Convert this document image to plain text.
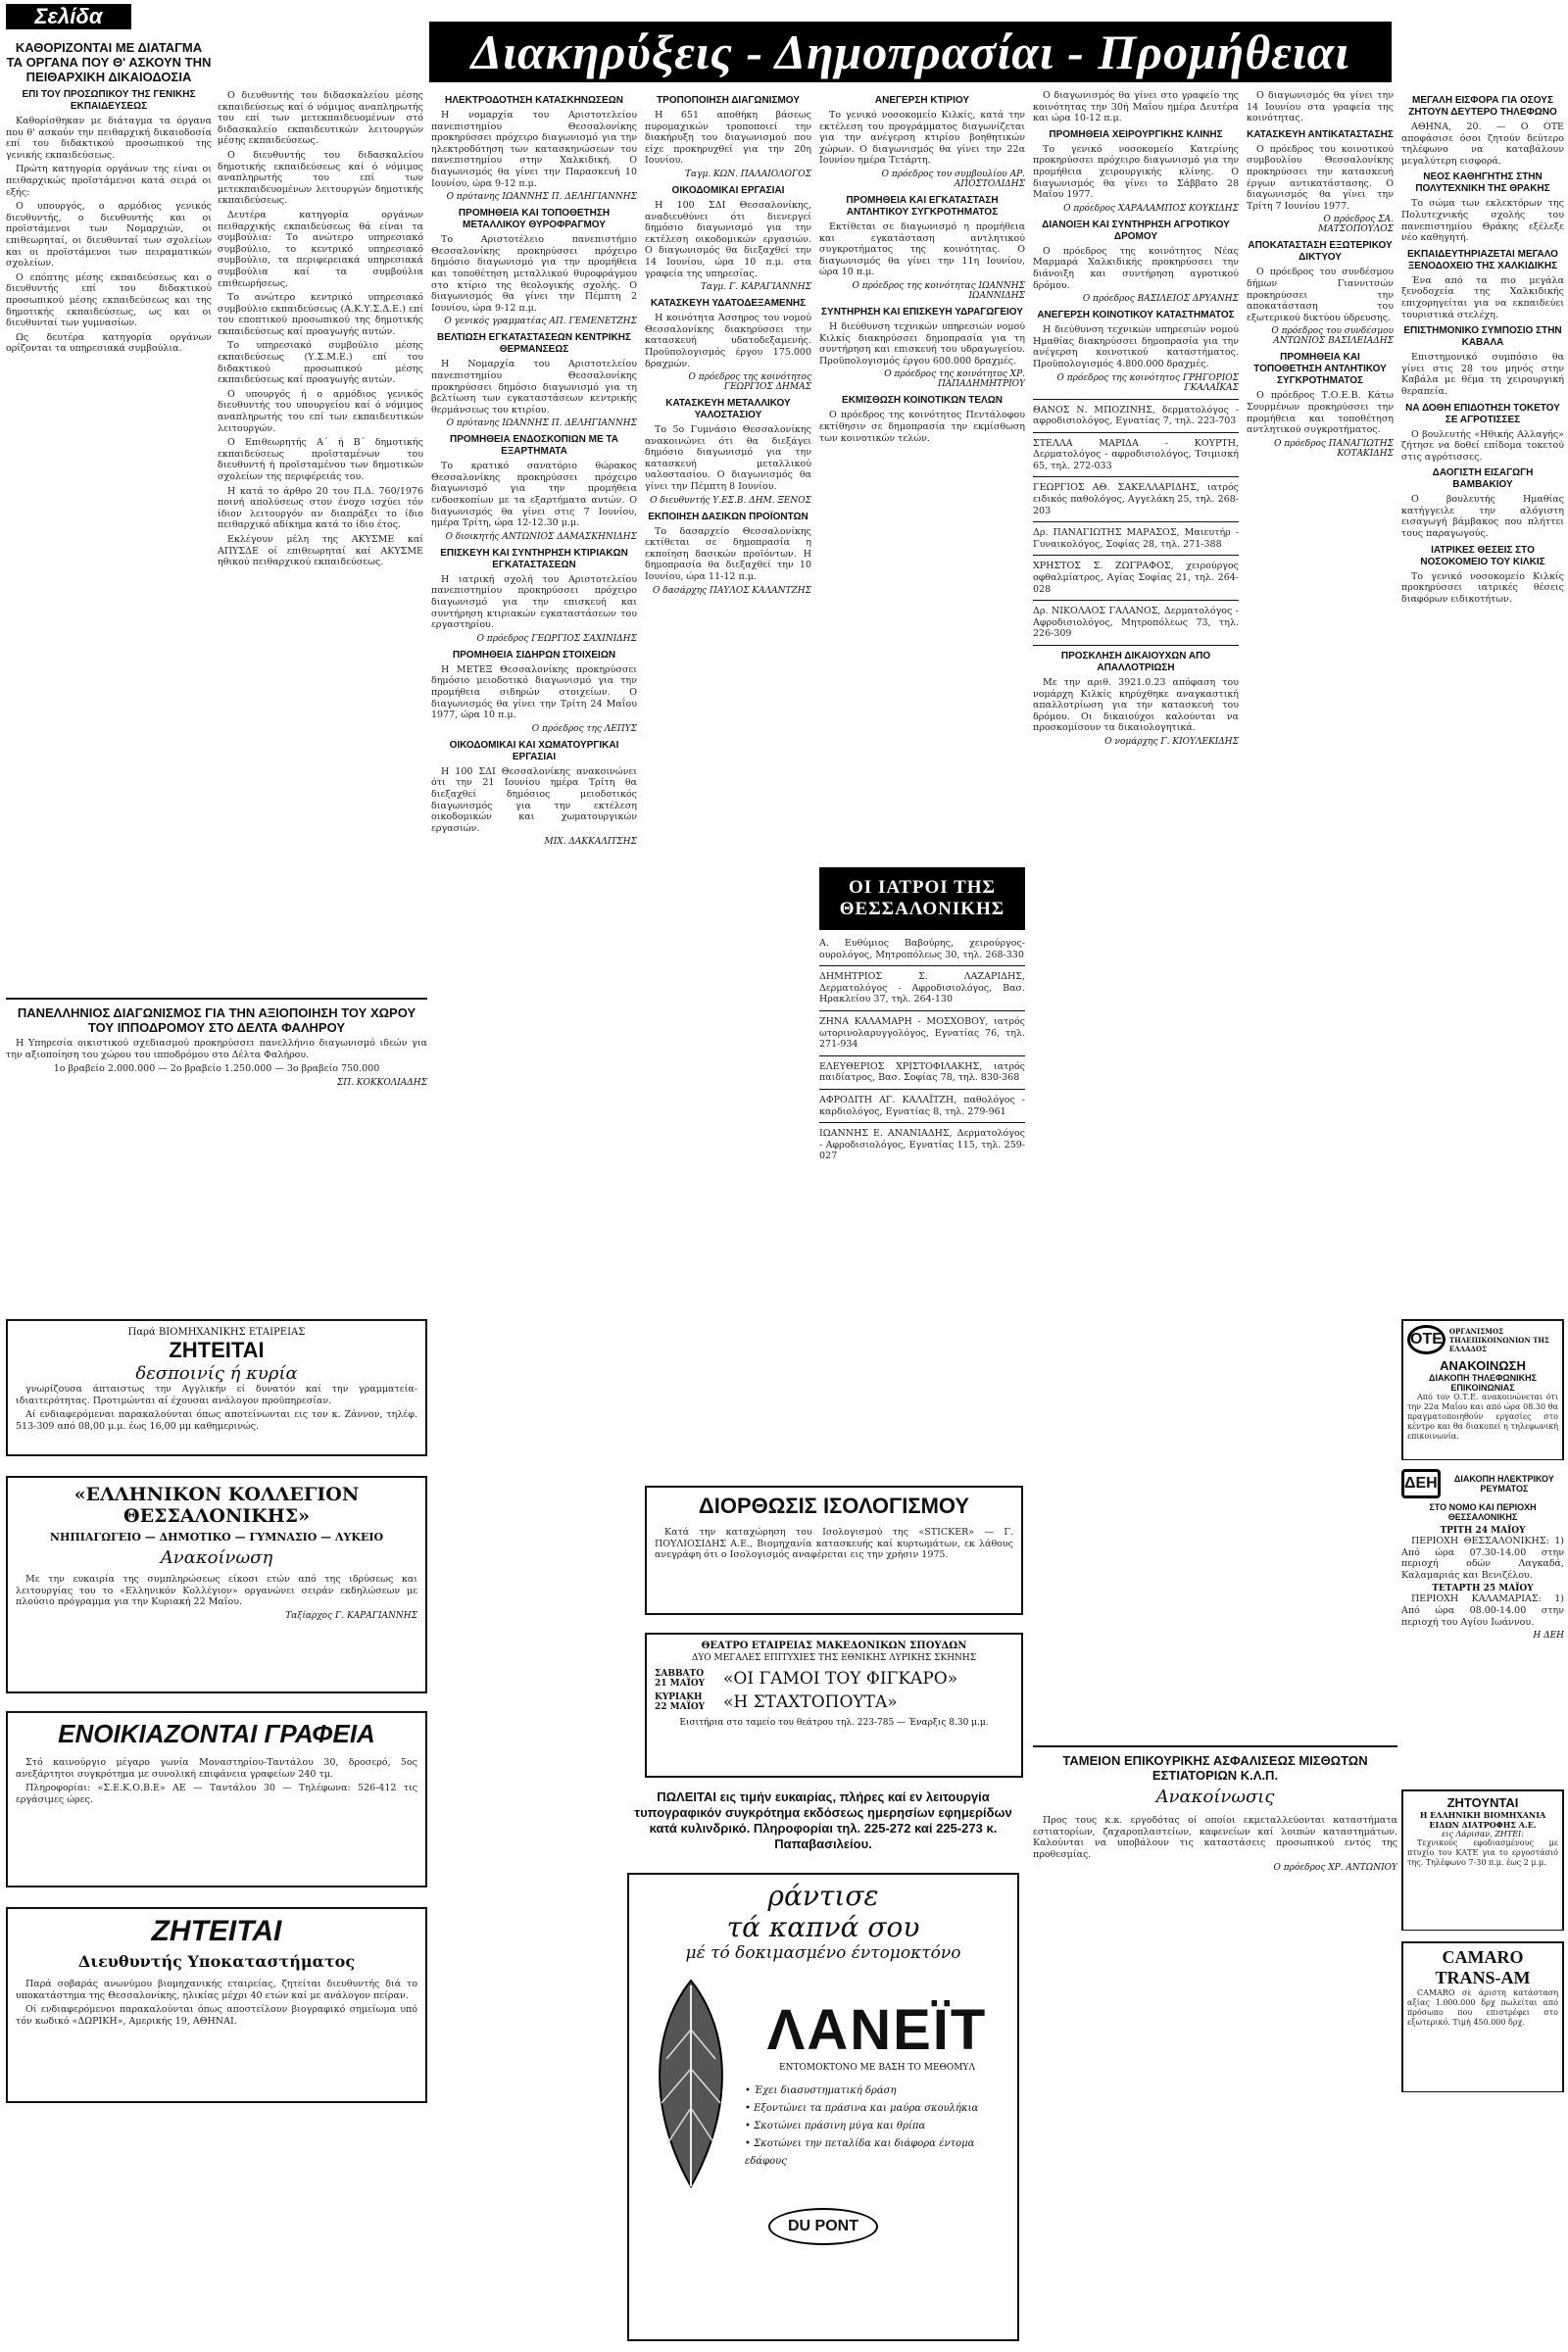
Σελίδα
Διακηρύξεις - Δημοπρασίαι - Προμήθειαι
ΚΑΘΟΡΙΖΟΝΤΑΙ ΜΕ ΔΙΑΤΑΓΜΑ ΤΑ ΟΡΓΑΝΑ ΠΟΥ Θ' ΑΣΚΟΥΝ ΤΗΝ ΠΕΙΘΑΡΧΙΚΗ ΔΙΚΑΙΟΔΟΣΙΑ
ΕΠΙ ΤΟΥ ΠΡΟΣΩΠΙΚΟΥ ΤΗΣ ΓΕΝΙΚΗΣ ΕΚΠΑΙΔΕΥΣΕΩΣ

Καθορίσθηκαν με διάταγμα τα όργανα που θ' ασκούν την πειθαρχική δικαιοδοσία επί του διδακτικού προσωπικού της γενικής εκπαιδεύσεως.

Πρώτη κατηγορία οργάνων της είναι οι πειθαρχικώς προϊστάμενοι κατά σειρά οι εξής:

Ο υπουργός, ο αρμόδιος γενικός διευθυντής, ο διευθυντής και οι προϊστάμενοι των Νομαρχιών, οι επιθεωρηταί, οι διευθυνταί των σχολείων και οι προϊστάμενοι των πειραματικών σχολείων.

Ο επόπτης μέσης εκπαιδεύσεως και ο διευθυντής επί του διδακτικού προσωπικού μέσης εκπαιδεύσεως και της δημοτικής εκπαιδεύσεως, ως και οι διευθυνταί των γυμνασίων.

Ως δευτέρα κατηγορία οργάνων ορίζονται τα υπηρεσιακά συμβούλια.

ΠΑΝΕΛΛΗΝΙΟΣ ΔΙΑΓΩΝΙΣΜΟΣ ΓΙΑ ΤΗΝ ΑΞΙΟΠΟΙΗΣΗ ΤΟΥ ΧΩΡΟΥ ΤΟΥ ΙΠΠΟΔΡΟΜΟΥ ΣΤΟ ΔΕΛΤΑ ΦΑΛΗΡΟΥ

Η Υπηρεσία οικιστικού σχεδιασμού προκηρύσσει πανελλήνιο διαγωνισμό ιδεών για την αξιοποίηση του χώρου του ιπποδρόμου στο Δέλτα Φαλήρου.

1ο βραβείο 2.000.000 — 2ο βραβείο 1.250.000 — 3ο βραβείο 750.000

ΣΠ. ΚΟΚΚΟΛΙΑΔΗΣ
Παρά ΒΙΟΜΗΧΑΝΙΚΗΣ ΕΤΑΙΡΕΙΑΣ
ΖΗΤΕΙΤΑΙ
δεσποινίς ή κυρία

γνωρίζουσα άπταιστως την Αγγλικήν εί δυνατόν καί την γραμματεία-ιδιαιτερότητας. Προτιμώνται αί έχουσαι ανάλογον προϋπηρεσίαν.

Αί ενδιαφερόμεναι παρακαλούνται όπως αποτείνωνται εις τον κ. Ζάννον, τηλέφ. 513-309 από 08,00 μ.μ. έως 16,00 μμ καθημερινώς.

«ΕΛΛΗΝΙΚΟΝ ΚΟΛΛΕΓΙΟΝ ΘΕΣΣΑΛΟΝΙΚΗΣ»
ΝΗΠΙΑΓΩΓΕΙΟ — ΔΗΜΟΤΙΚΟ — ΓΥΜΝΑΣΙΟ — ΛΥΚΕΙΟ
Ανακοίνωση

Με την ευκαιρία της συμπληρώσεως είκοσι ετών από της ιδρύσεως και λειτουργίας του το «Ελληνικόν Κολλέγιον» οργανώνει σειράν εκδηλώσεων με πλούσιο πρόγραμμα για την Κυριακή 22 Μαΐου.

Ταξίαρχος Γ. ΚΑΡΑΓΙΑΝΝΗΣ
ΕΝΟΙΚΙΑΖΟΝΤΑΙ ΓΡΑΦΕΙΑ

Στό καινούργιο μέγαρο γωνία Μοναστηρίου-Ταντάλου 30, δροσερό, 5ος ανεξάρτητοι συγκρότημα με συνολική επιφάνεια γραφείων 240 τμ.

Πληροφορίαι: «Σ.Ε.Κ.Ο.Β.Ε» ΑΕ — Ταντάλου 30 — Τηλέφωνα: 526-412 τις εργάσιμες ώρες.

ΖΗΤΕΙΤΑΙ
Διευθυντής Υποκαταστήματος

Παρά σοβαράς ανωνύμου βιομηχανικής εταιρείας, ζητείται διευθυντής διά το υποκατάστημα της Θεσσαλονίκης, ηλικίας μέχρι 40 ετών καί με ανάλογον πείραν.

Οί ενδιαφερόμενοι παρακαλούνται όπως αποστείλουν βιογραφικό σημείωμα υπό τόν κωδικό «ΔΩΡΙΚΗ», Αμερικής 19, ΑΘΗΝΑΙ.

Ο διευθυντής του διδασκαλείου μέσης εκπαιδεύσεως καί ό νόμιμος αναπληρωτής του επί των μετεκπαιδευομένων στό διδασκαλείο εκπαιδευτικών λειτουργών μέσης εκπαιδεύσεως.

Ο διευθυντής του διδασκαλείου δημοτικής εκπαιδεύσεως καί ό νόμιμος αναπληρωτής του επί των μετεκπαιδευομένων λειτουργών δημοτικής εκπαιδεύσεως.

Δευτέρα κατηγορία οργάνων πειθαρχικής εκπαιδεύσεως θά είναι τα συμβούλια: Το ανώτερο υπηρεσιακό συμβούλιο, το κεντρικό υπηρεσιακό συμβούλιο, τα περιφερειακά υπηρεσιακά συμβούλια καί τα συμβούλια επιθεωρήσεως.

Το ανώτερο κεντρικό υπηρεσιακό συμβούλιο εκπαιδεύσεως (Α.Κ.Υ.Σ.Δ.Ε.) επί του εποπτικού προσωπικού της δημοτικής εκπαιδεύσεως καί προαγωγής αυτών.

Το υπηρεσιακό συμβούλιο μέσης εκπαιδεύσεως (Υ.Σ.Μ.Ε.) επί του διδακτικού προσωπικού μέσης εκπαιδεύσεως καί προαγωγής αυτών.

Ο υπουργός ή ο αρμόδιος γενικός διευθυντής του υπουργείου καί ό νόμιμος αναπληρωτής του επί των εκπαιδευτικών λειτουργών.

Ο Επιθεωρητής Α΄ ή Β΄ δημοτικής εκπαιδεύσεως προϊσταμένων του διευθυντή ή προϊσταμένου των δημοτικών σχολείων της περιφέρειάς του.

Η κατά το άρθρο 20 του Π.Δ. 760/1976 ποινή απολύσεως στον ένοχο ισχύει τόν ίδιον λειτουργόν αν διαπράξει το ίδιο πειθαρχικό αδίκημα κατά το ίδιο έτος.

Εκλέγουν μέλη της ΑΚΥΣΜΕ καί ΑΠΥΣΔΕ οί επιθεωρηταί καί ΑΚΥΣΜΕ ηθικού πειθαρχικού εκπαιδεύσεως.

ΗΛΕΚΤΡΟΔΟΤΗΣΗ ΚΑΤΑΣΚΗΝΩΣΕΩΝ

Η νομαρχία του Αριστοτελείου πανεπιστημίου Θεσσαλονίκης προκηρύσσει πρόχειρο διαγωνισμό για την ηλεκτροδότηση των κατασκηνώσεων του πανεπιστημίου στην Χαλκιδική. Ο διαγωνισμός θα γίνει την Παρασκευή 10 Ιουνίου, ώρα 9-12 π.μ.

Ο πρύτανης ΙΩΑΝΝΗΣ Π. ΔΕΛΗΓΙΑΝΝΗΣ
ΠΡΟΜΗΘΕΙΑ ΚΑΙ ΤΟΠΟΘΕΤΗΣΗ ΜΕΤΑΛΛΙΚΟΥ ΘΥΡΟΦΡΑΓΜΟΥ

Το Αριστοτέλειο πανεπιστήμιο Θεσσαλονίκης προκηρύσσει πρόχειρο δημόσιο διαγωνισμό για την προμήθεια και τοποθέτηση μεταλλικού θυροφράγμου στο κτίριο της θεολογικής σχολής. Ο διαγωνισμός θα γίνει την Πέμπτη 2 Ιουνίου, ώρα 9-12 π.μ.

Ο γενικός γραμματέας ΑΠ. ΓΕΜΕΝΕΤΖΗΣ
ΒΕΛΤΙΩΣΗ ΕΓΚΑΤΑΣΤΑΣΕΩΝ ΚΕΝΤΡΙΚΗΣ ΘΕΡΜΑΝΣΕΩΣ

Η Νομαρχία του Αριστοτελείου πανεπιστημίου Θεσσαλονίκης προκηρύσσει δημόσιο διαγωνισμό για τη βελτίωση των εγκαταστάσεων κεντρικής θερμάνσεως του κτιρίου.

Ο πρύτανης ΙΩΑΝΝΗΣ Π. ΔΕΛΗΓΙΑΝΝΗΣ
ΠΡΟΜΗΘΕΙΑ ΕΝΔΟΣΚΟΠΙΩΝ ΜΕ ΤΑ ΕΞΑΡΤΗΜΑΤΑ

Το κρατικό σανατόριο θώρακος Θεσσαλονίκης προκηρύσσει πρόχειρο διαγωνισμό για την προμήθεια ενδοσκοπίων με τα εξαρτήματα αυτών. Ο διαγωνισμός θα γίνει στις 7 Ιουνίου, ημέρα Τρίτη, ώρα 12-12.30 μ.μ.

Ο διοικητής ΑΝΤΩΝΙΟΣ ΔΑΜΑΣΚΗΝΙΔΗΣ
ΕΠΙΣΚΕΥΗ ΚΑΙ ΣΥΝΤΗΡΗΣΗ ΚΤΙΡΙΑΚΩΝ ΕΓΚΑΤΑΣΤΑΣΕΩΝ

Η ιατρική σχολή του Αριστοτελείου πανεπιστημίου προκηρύσσει πρόχειρο διαγωνισμό για την επισκευή και συντήρηση κτιριακών εγκαταστάσεων του εργαστηρίου.

Ο πρόεδρος ΓΕΩΡΓΙΟΣ ΣΑΧΙΝΙΔΗΣ
ΠΡΟΜΗΘΕΙΑ ΣΙΔΗΡΩΝ ΣΤΟΙΧΕΙΩΝ

Η ΜΕΤΕΞ Θεσσαλονίκης προκηρύσσει δημόσιο μειοδοτικό διαγωνισμό για την προμήθεια σιδηρών στοιχείων. Ο διαγωνισμός θα γίνει την Τρίτη 24 Μαΐου 1977, ώρα 10 π.μ.

Ο πρόεδρος της ΛΕΠΥΣ
ΟΙΚΟΔΟΜΙΚΑΙ ΚΑΙ ΧΩΜΑΤΟΥΡΓΙΚΑΙ ΕΡΓΑΣΙΑΙ

Η 100 ΣΔΙ Θεσσαλονίκης ανακοινώνει ότι την 21 Ιουνίου ημέρα Τρίτη θα διεξαχθεί δημόσιος μειοδοτικός διαγωνισμός για την εκτέλεση οικοδομικών και χωματουργικών εργασιών.

ΜΙΧ. ΔΑΚΚΑΛΙΤΣΗΣ
ΤΡΟΠΟΠΟΙΗΣΗ ΔΙΑΓΩΝΙΣΜΟΥ

Η 651 αποθήκη βάσεως πυρομαχικών τροποποιεί την διακήρυξη του διαγωνισμού που είχε προκηρυχθεί για την 20η Ιουνίου.

Ταγμ. ΚΩΝ. ΠΑΛΑΙΟΛΟΓΟΣ
ΟΙΚΟΔΟΜΙΚΑΙ ΕΡΓΑΣΙΑΙ

Η 100 ΣΔΙ Θεσσαλονίκης, αναδιευθύνει ότι διενεργεί δημόσιο διαγωνισμό για την εκτέλεση οικοδομικών εργασιών. Ο διαγωνισμός θα διεξαχθεί την 14 Ιουνίου, ώρα 10 π.μ. στα γραφεία της υπηρεσίας.

Ταγμ. Γ. ΚΑΡΑΓΙΑΝΝΗΣ
ΚΑΤΑΣΚΕΥΗ ΥΔΑΤΟΔΕΞΑΜΕΝΗΣ

Η κοινότητα Άσσηρος του νομού Θεσσαλονίκης διακηρύσσει την κατασκευή υδατοδεξαμενής. Προϋπολογισμός έργου 175.000 δραχμών.

Ο πρόεδρος της κοινότητος ΓΕΩΡΓΙΟΣ ΔΗΜΑΣ
ΚΑΤΑΣΚΕΥΗ ΜΕΤΑΛΛΙΚΟΥ ΥΑΛΟΣΤΑΣΙΟΥ

Το 5ο Γυμνάσιο Θεσσαλονίκης ανακοινώνει ότι θα διεξάγει δημόσιο διαγωνισμό για την κατασκευή μεταλλικού υαλοστασίου. Ο διαγωνισμός θα γίνει την Πέμπτη 8 Ιουνίου.

Ο διευθυντής Υ.ΕΣ.Β. ΔΗΜ. ΞΕΝΟΣ
ΕΚΠΟΙΗΣΗ ΔΑΣΙΚΩΝ ΠΡΟΪΟΝΤΩΝ

Το δασαρχείο Θεσσαλονίκης εκτίθεται σε δημοπρασία η εκποίηση δασικών προϊόντων. Η δημοπρασία θα διεξαχθεί την 10 Ιουνίου, ώρα 11-12 π.μ.

Ο δασάρχης ΠΑΥΛΟΣ ΚΑΛΑΝΤΖΗΣ
ΑΝΕΓΕΡΣΗ ΚΤΙΡΙΟΥ

Το γενικό νοσοκομείο Κιλκίς, κατά την εκτέλεση του προγράμματος διαγωνίζεται για την ανέγερση κτιρίου βοηθητικών χώρων. Ο διαγωνισμός θα γίνει την 22α Ιουνίου ημέρα Τετάρτη.

Ο πρόεδρος του συμβουλίου ΑΡ. ΑΠΟΣΤΟΛΙΔΗΣ
ΠΡΟΜΗΘΕΙΑ ΚΑΙ ΕΓΚΑΤΑΣΤΑΣΗ ΑΝΤΛΗΤΙΚΟΥ ΣΥΓΚΡΟΤΗΜΑΤΟΣ

Εκτίθεται σε διαγωνισμό η προμήθεια και εγκατάσταση αντλητικού συγκροτήματος της κοινότητας. Ο διαγωνισμός θα γίνει την 11η Ιουνίου, ώρα 10 π.μ.

Ο πρόεδρος της κοινότητας ΙΩΑΝΝΗΣ ΙΩΑΝΝΙΔΗΣ
ΣΥΝΤΗΡΗΣΗ ΚΑΙ ΕΠΙΣΚΕΥΗ ΥΔΡΑΓΩΓΕΙΟΥ

Η διεύθυνση τεχνικών υπηρεσιών νομού Κιλκίς διακηρύσσει δημοπρασία για τη συντήρηση και επισκευή του υδραγωγείου. Προϋπολογισμός έργου 600.000 δραχμές.

Ο πρόεδρος της κοινότητος ΧΡ. ΠΑΠΑΔΗΜΗΤΡΙΟΥ
ΕΚΜΙΣΘΩΣΗ ΚΟΙΝΟΤΙΚΩΝ ΤΕΛΩΝ

Ο πρόεδρος της κοινότητος Πεντάλοφου εκτίθησιν σε δημοπρασία την εκμίσθωση των κοινοτικών τελών.

ΟΙ ΙΑΤΡΟΙ ΤΗΣ ΘΕΣΣΑΛΟΝΙΚΗΣ

Α. Ευθύμιος Βαβούρης, χειρούργος-ουρολόγος, Μητροπόλεως 30, τηλ. 268-330

ΔΗΜΗΤΡΙΟΣ Σ. ΛΑΖΑΡΙΔΗΣ, Δερματολόγος - Αφροδισιολόγος, Βασ. Ηρακλείου 37, τηλ. 264-130

ΖΗΝΑ ΚΑΛΑΜΑΡΗ - ΜΟΣΧΟΒΟΥ, ιατρός ωτορινολαρυγγολόγος, Εγνατίας 76, τηλ. 271-934

ΕΛΕΥΘΕΡΙΟΣ ΧΡΙΣΤΟΦΙΛΑΚΗΣ, ιατρός παιδίατρος, Βασ. Σοφίας 78, τηλ. 830-368

ΑΦΡΟΔΙΤΗ ΑΓ. ΚΑΛΑΪΤΖΗ, παθολόγος - καρδιολόγος, Εγνατίας 8, τηλ. 279-961

ΙΩΑΝΝΗΣ Ε. ΑΝΑΝΙΑΔΗΣ, Δερματολόγος - Αφροδισιολόγος, Εγνατίας 115, τηλ. 259-027

Ο διαγωνισμός θα γίνει στο γραφείο της κοινότητας την 30ή Μαΐου ημέρα Δευτέρα και ώρα 10-12 π.μ.

ΠΡΟΜΗΘΕΙΑ ΧΕΙΡΟΥΡΓΙΚΗΣ ΚΛΙΝΗΣ

Το γενικό νοσοκομείο Κατερίνης προκηρύσσει πρόχειρο διαγωνισμό για την προμήθεια χειρουργικής κλίνης. Ο διαγωνισμός θα γίνει το Σάββατο 28 Μαΐου 1977.

Ο πρόεδρος ΧΑΡΑΛΑΜΠΟΣ ΚΟΥΚΙΔΗΣ
ΔΙΑΝΟΙΞΗ ΚΑΙ ΣΥΝΤΗΡΗΣΗ ΑΓΡΟΤΙΚΟΥ ΔΡΟΜΟΥ

Ο πρόεδρος της κοινότητος Νέας Μαρμαρά Χαλκιδικής προκηρύσσει την διάνοιξη και συντήρηση αγροτικού δρόμου.

Ο πρόεδρος ΒΑΣΙΛΕΙΟΣ ΔΡΥΑΝΗΣ
ΑΝΕΓΕΡΣΗ ΚΟΙΝΟΤΙΚΟΥ ΚΑΤΑΣΤΗΜΑΤΟΣ

Η διεύθυνση τεχνικών υπηρεσιών νομού Ημαθίας διακηρύσσει δημοπρασία για την ανέγερση κοινοτικού καταστήματος. Προϋπολογισμός 4.800.000 δραχμές.

Ο πρόεδρος της κοινότητος ΓΡΗΓΟΡΙΟΣ ΓΚΑΛΑΪΚΑΣ

ΘΑΝΟΣ Ν. ΜΠΟΖΙΝΗΣ, δερματολόγος - αφροδισιολόγος, Εγνατίας 7, τηλ. 223-703

ΣΤΕΛΛΑ ΜΑΡΙΔΑ - ΚΟΥΡΤΗ, Δερματολόγος - αφροδισιολόγος, Τσιμισκή 65, τηλ. 272-033

ΓΕΩΡΓΙΟΣ ΑΘ. ΣΑΚΕΛΛΑΡΙΔΗΣ, ιατρός ειδικός παθολόγος, Αγγελάκη 25, τηλ. 268-203

Δρ. ΠΑΝΑΓΙΩΤΗΣ ΜΑΡΑΣΟΣ, Μαιευτήρ - Γυναικολόγος, Σοφίας 28, τηλ. 271-388

ΧΡΗΣΤΟΣ Σ. ΖΩΓΡΑΦΟΣ, χειρούργος οφθαλμίατρος, Αγίας Σοφίας 21, τηλ. 264-028

Δρ. ΝΙΚΟΛΑΟΣ ΓΑΛΑΝΟΣ, Δερματολόγος - Αφροδισιολόγος, Μητροπόλεως 73, τηλ. 226-309

ΠΡΟΣΚΛΗΣΗ ΔΙΚΑΙΟΥΧΩΝ ΑΠΟ ΑΠΑΛΛΟΤΡΙΩΣΗ

Με την αριθ. 3921.0.23 απόφαση του νομάρχη Κιλκίς κηρύχθηκε αναγκαστική απαλλοτρίωση για την κατασκευή του δρόμου. Οι δικαιούχοι καλούνται να προσκομίσουν τα δικαιολογητικά.

Ο νομάρχης Γ. ΚΙΟΥΛΕΚΙΔΗΣ

Ο διαγωνισμός θα γίνει την 14 Ιουνίου στα γραφεία της κοινότητας.

ΚΑΤΑΣΚΕΥΗ ΑΝΤΙΚΑΤΑΣΤΑΣΗΣ

Ο πρόεδρος του κοινοτικού συμβουλίου Θεσσαλονίκης προκηρύσσει την κατασκευή έργων αντικατάστασης. Ο διαγωνισμός θα γίνει την Τρίτη 7 Ιουνίου 1977.

Ο πρόεδρος ΣΑ. ΜΑΤΣΟΠΟΥΛΟΣ
ΑΠΟΚΑΤΑΣΤΑΣΗ ΕΞΩΤΕΡΙΚΟΥ ΔΙΚΤΥΟΥ

Ο πρόεδρος του συνδέσμου δήμων Γιαννιτσών προκηρύσσει την αποκατάσταση του εξωτερικού δικτύου ύδρευσης.

Ο πρόεδρος του συνδέσμου ΑΝΤΩΝΙΟΣ ΒΑΣΙΛΕΙΑΔΗΣ
ΠΡΟΜΗΘΕΙΑ ΚΑΙ ΤΟΠΟΘΕΤΗΣΗ ΑΝΤΛΗΤΙΚΟΥ ΣΥΓΚΡΟΤΗΜΑΤΟΣ

Ο πρόεδρος Τ.Ο.Ε.Β. Κάτω Σουρμένων προκηρύσσει την προμήθεια και τοποθέτηση αντλητικού συγκροτήματος.

Ο πρόεδρος ΠΑΝΑΓΙΩΤΗΣ ΚΟΤΑΚΙΔΗΣ
ΔΙΟΡΘΩΣΙΣ ΙΣΟΛΟΓΙΣΜΟΥ

Κατά την καταχώρηση του Ισολογισμού της «STICKER» — Γ. ΠΟΥΛΙΟΣΙΔΗΣ Α.Ε., Βιομηχανία κατασκευής καί κυρτωμάτων, εκ λάθους ανεγράφη ότι ο Ισολογισμός αναφέρεται εις την χρήσιν 1975.

ΘΕΑΤΡΟ ΕΤΑΙΡΕΙΑΣ ΜΑΚΕΔΟΝΙΚΩΝ ΣΠΟΥΔΩΝ
ΔΥΟ ΜΕΓΑΛΕΣ ΕΠΙΤΥΧΙΕΣ ΤΗΣ ΕΘΝΙΚΗΣ ΛΥΡΙΚΗΣ ΣΚΗΝΗΣ
ΣΑΒΒΑΤΟ 21 ΜΑΪΟΥ	«ΟΙ ΓΑΜΟΙ ΤΟΥ ΦΙΓΚΑΡΟ»
ΚΥΡΙΑΚΗ 22 ΜΑΪΟΥ	«Η ΣΤΑΧΤΟΠΟΥΤΑ»
Εισιτήρια στο ταμείο του θεάτρου τηλ. 223-785 — Έναρξις 8.30 μ.μ.
ΠΩΛΕΙΤΑΙ εις τιμήν ευκαιρίας, πλήρες καί εν λειτουργία τυπογραφικόν συγκρότημα εκδόσεως ημερησίων εφημερίδων κατά κυλινδρικό. Πληροφορίαι τηλ. 225-272 καί 225-273 κ. Παπαβασιλείου.
ράντισε
τά καπνά σου
μέ τό δοκιμασμένο έντομοκτόνο
ΛΑΝΕΪΤ
ΕΝΤΟΜΟΚΤΟΝΟ ΜΕ ΒΑΣΗ ΤΟ ΜΕΘΟΜΥΛ
• Έχει διασυστηματική δράση
• Εξοντώνει τα πράσινα και μαύρα σκουλήκια
• Σκοτώνει πράσινη μύγα και θρίπα
• Σκοτώνει την πεταλίδα και διάφορα έντομα εδάφους
DU PONT
ΤΑΜΕΙΟΝ ΕΠΙΚΟΥΡΙΚΗΣ ΑΣΦΑΛΙΣΕΩΣ ΜΙΣΘΩΤΩΝ ΕΣΤΙΑΤΟΡΙΩΝ Κ.Λ.Π.
Ανακοίνωσις

Προς τους κ.κ. εργοδότας οί οποίοι εκμεταλλεύονται καταστήματα εστιατορίων, ζαχαροπλαστείων, καφενείων καί λοιπών καταστημάτων. Καλούνται να υποβάλουν τις καταστάσεις προσωπικού εντός της προθεσμίας.

Ο πρόεδρος ΧΡ. ΑΝΤΩΝΙΟΥ
ΜΕΓΑΛΗ ΕΙΣΦΟΡΑ ΓΙΑ ΟΣΟΥΣ ΖΗΤΟΥΝ ΔΕΥΤΕΡΟ ΤΗΛΕΦΩΝΟ

ΑΘΗΝΑ, 20. — Ο ΟΤΕ αποφάσισε όσοι ζητούν δεύτερο τηλέφωνο να καταβάλουν μεγαλύτερη εισφορά.

ΝΕΟΣ ΚΑΘΗΓΗΤΗΣ ΣΤΗΝ ΠΟΛΥΤΕΧΝΙΚΗ ΤΗΣ ΘΡΑΚΗΣ

Το σώμα των εκλεκτόρων της Πολυτεχνικής σχολής του πανεπιστημίου Θράκης εξέλεξε νέο καθηγητή.

ΕΚΠΑΙΔΕΥΤΗΡΙΑΖΕΤΑΙ ΜΕΓΑΛΟ ΞΕΝΟΔΟΧΕΙΟ ΤΗΣ ΧΑΛΚΙΔΙΚΗΣ

Ένα από τα πιο μεγάλα ξενοδοχεία της Χαλκιδικής επιχορηγείται για να εκπαιδεύει τουριστικά στελέχη.

ΕΠΙΣΤΗΜΟΝΙΚΟ ΣΥΜΠΟΣΙΟ ΣΤΗΝ ΚΑΒΑΛΑ

Επιστημονικό συμπόσιο θα γίνει στις 28 του μηνός στην Καβάλα με θέμα τη χειρουργική θεραπεία.

ΝΑ ΔΟΘΗ ΕΠΙΔΟΤΗΣΗ ΤΟΚΕΤΟΥ ΣΕ ΑΓΡΟΤΙΣΣΕΣ

Ο βουλευτής «Ηθικής Αλλαγής» ζήτησε να δοθεί επίδομα τοκετού στις αγρότισσες.

ΔΑΟΓΙΣΤΗ ΕΙΣΑΓΩΓΗ ΒΑΜΒΑΚΙΟΥ

Ο βουλευτής Ημαθίας κατήγγειλε την αλόγιστη εισαγωγή βάμβακος που πλήττει τους παραγωγούς.

ΙΑΤΡΙΚΕΣ ΘΕΣΕΙΣ ΣΤΟ ΝΟΣΟΚΟΜΕΙΟ ΤΟΥ ΚΙΛΚΙΣ

Το γενικό νοσοκομείο Κιλκίς προκηρύσσει ιατρικές θέσεις διαφόρων ειδικοτήτων.

ΟΤΕ	ΟΡΓΑΝΙΣΜΟΣ ΤΗΛΕΠΙΚΟΙΝΩΝΙΩΝ ΤΗΣ ΕΛΛΑΔΟΣ
ΑΝΑΚΟΙΝΩΣΗ
ΔΙΑΚΟΠΗ ΤΗΛΕΦΩΝΙΚΗΣ ΕΠΙΚΟΙΝΩΝΙΑΣ

Από τον Ο.Τ.Ε. ανακοινώνεται ότι την 22α Μαΐου και από ώρα 08.30 θα πραγματοποιηθούν εργασίες στο κέντρο και θα διακοπεί η τηλεφωνική επικοινωνία.

ΔΕΗ	ΔΙΑΚΟΠΗ ΗΛΕΚΤΡΙΚΟΥ ΡΕΥΜΑΤΟΣ
ΣΤΟ ΝΟΜΟ ΚΑΙ ΠΕΡΙΟΧΗ ΘΕΣΣΑΛΟΝΙΚΗΣ
ΤΡΙΤΗ 24 ΜΑΪΟΥ

ΠΕΡΙΟΧΗ ΘΕΣΣΑΛΟΝΙΚΗΣ: 1) Από ώρα 07.30-14.00 στην περιοχή οδών Λαγκαδά, Καλαμαριάς και Βενιζέλου.

ΤΕΤΑΡΤΗ 25 ΜΑΪΟΥ

ΠΕΡΙΟΧΗ ΚΑΛΑΜΑΡΙΑΣ: 1) Από ώρα 08.00-14.00 στην περιοχή του Αγίου Ιωάννου.

Η ΔΕΗ
ΖΗΤΟΥΝΤΑΙ
Η ΕΛΛΗΝΙΚΗ ΒΙΟΜΗΧΑΝΙΑ ΕΙΔΩΝ ΔΙΑΤΡΟΦΗΣ Α.Ε.
εις Λάρισαν, ΖΗΤΕΙ:

Τεχνικούς εφοδιασμένους με πτυχίο του ΚΑΤΕ για το εργοστάσιό της. Τηλέφωνο 7-30 π.μ. έως 2 μ.μ.

CAMARO TRANS-AM

CAMARO σε άριστη κατάσταση αξίας 1.000.000 δρχ πωλείται από πρόσωπο που επιστρέφει στο εξωτερικό. Τιμή 450.000 δρχ.
